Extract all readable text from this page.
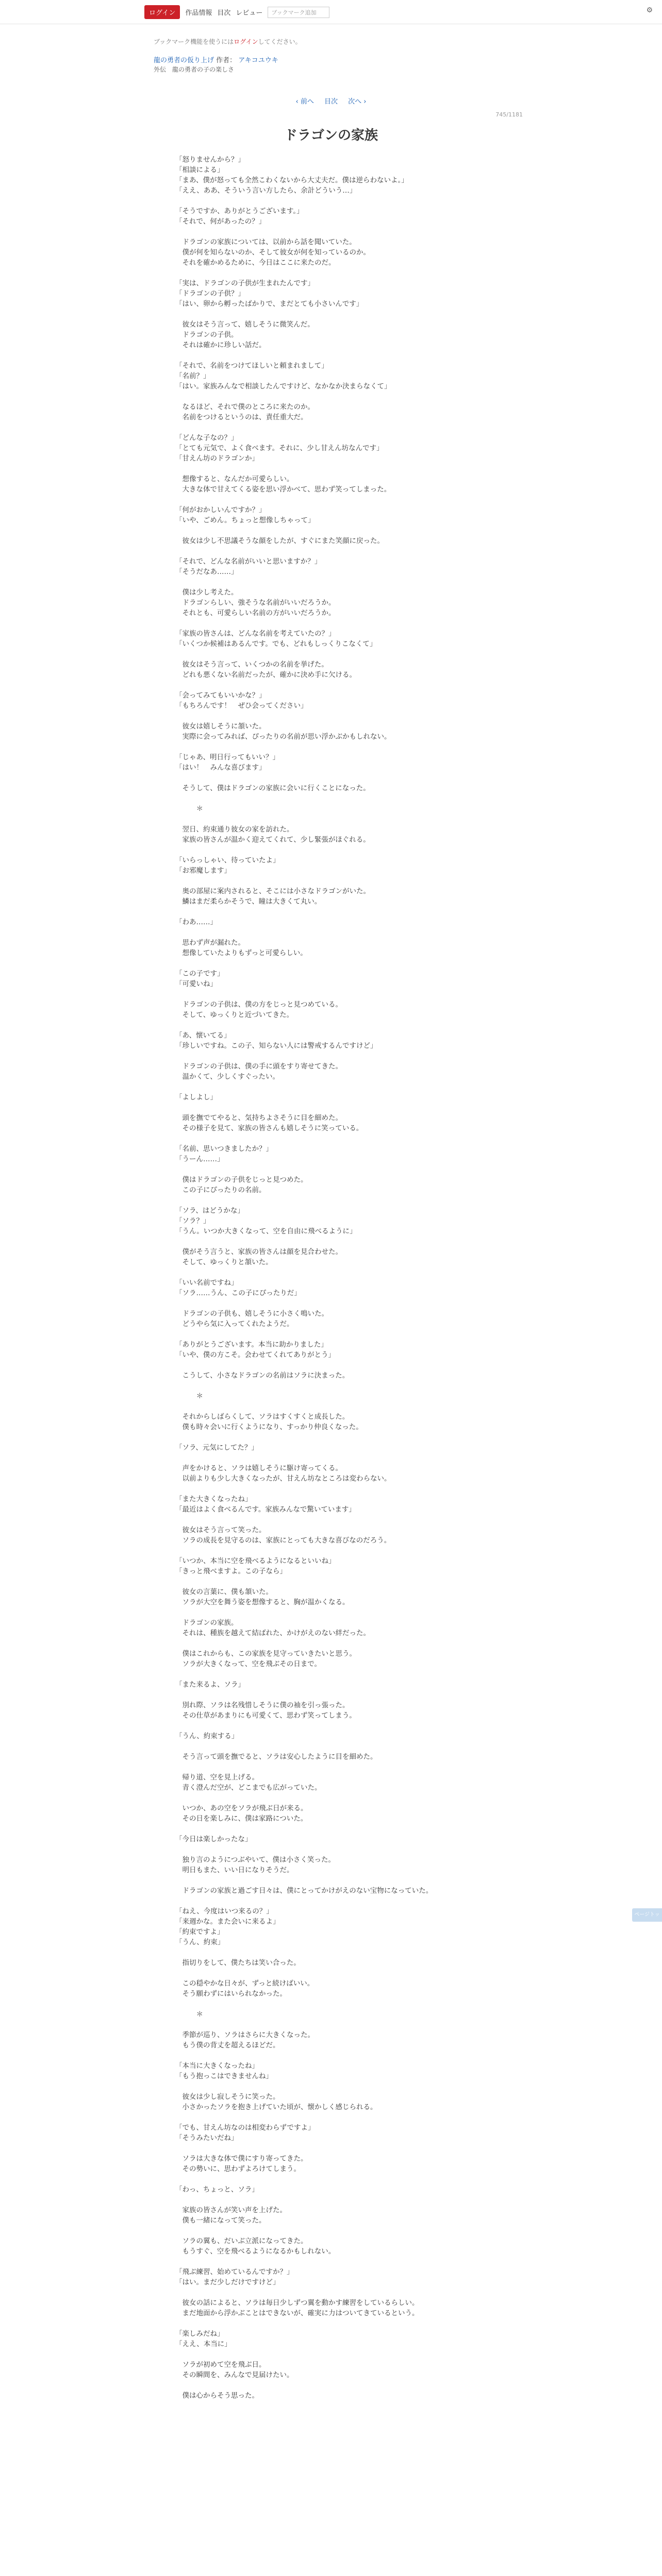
ログイン	作品情報 目次 レビュー	ブックマーク追加	⚙
ブックマーク機能を使うにはログインしてください。
龍の勇者の仮り上げ 作者： アキコユウキ
外伝　龍の勇者の子の楽しさ
‹ 前へ 目次 次へ ›
745/1181
ドラゴンの家族
「怒りませんから？」
「相談による」
「まあ、僕が怒っても全然こわくないから大丈夫だ。僕は逆らわないよ。」
「ええ、ああ、そういう言い方したら、余計どういう…」

「そうですか、ありがとうございます。」
「それで、何があったの？」

　ドラゴンの家族については、以前から話を聞いていた。
　僕が何を知らないのか、そして彼女が何を知っているのか。
　それを確かめるために、今日はここに来たのだ。

「実は、ドラゴンの子供が生まれたんです」
「ドラゴンの子供？」
「はい、卵から孵ったばかりで、まだとても小さいんです」

　彼女はそう言って、嬉しそうに微笑んだ。
　ドラゴンの子供。
　それは確かに珍しい話だ。

「それで、名前をつけてほしいと頼まれまして」
「名前？」
「はい。家族みんなで相談したんですけど、なかなか決まらなくて」

　なるほど、それで僕のところに来たのか。
　名前をつけるというのは、責任重大だ。

「どんな子なの？」
「とても元気で、よく食べます。それに、少し甘えん坊なんです」
「甘えん坊のドラゴンか」

　想像すると、なんだか可愛らしい。
　大きな体で甘えてくる姿を思い浮かべて、思わず笑ってしまった。

「何がおかしいんですか？」
「いや、ごめん。ちょっと想像しちゃって」

　彼女は少し不思議そうな顔をしたが、すぐにまた笑顔に戻った。

「それで、どんな名前がいいと思いますか？」
「そうだなあ……」

　僕は少し考えた。
　ドラゴンらしい、強そうな名前がいいだろうか。
　それとも、可愛らしい名前の方がいいだろうか。

「家族の皆さんは、どんな名前を考えていたの？」
「いくつか候補はあるんです。でも、どれもしっくりこなくて」

　彼女はそう言って、いくつかの名前を挙げた。
　どれも悪くない名前だったが、確かに決め手に欠ける。

「会ってみてもいいかな？」
「もちろんです！　ぜひ会ってください」

　彼女は嬉しそうに頷いた。
　実際に会ってみれば、ぴったりの名前が思い浮かぶかもしれない。

「じゃあ、明日行ってもいい？」
「はい！　みんな喜びます」

　そうして、僕はドラゴンの家族に会いに行くことになった。

　　　＊

　翌日、約束通り彼女の家を訪れた。
　家族の皆さんが温かく迎えてくれて、少し緊張がほぐれる。

「いらっしゃい、待っていたよ」
「お邪魔します」

　奥の部屋に案内されると、そこには小さなドラゴンがいた。
　鱗はまだ柔らかそうで、瞳は大きくて丸い。

「わあ……」

　思わず声が漏れた。
　想像していたよりもずっと可愛らしい。

「この子です」
「可愛いね」

　ドラゴンの子供は、僕の方をじっと見つめている。
　そして、ゆっくりと近づいてきた。

「あ、懐いてる」
「珍しいですね。この子、知らない人には警戒するんですけど」

　ドラゴンの子供は、僕の手に頭をすり寄せてきた。
　温かくて、少しくすぐったい。

「よしよし」

　頭を撫でてやると、気持ちよさそうに目を細めた。
　その様子を見て、家族の皆さんも嬉しそうに笑っている。

「名前、思いつきましたか？」
「うーん……」

　僕はドラゴンの子供をじっと見つめた。
　この子にぴったりの名前。

「ソラ、はどうかな」
「ソラ？」
「うん。いつか大きくなって、空を自由に飛べるように」

　僕がそう言うと、家族の皆さんは顔を見合わせた。
　そして、ゆっくりと頷いた。

「いい名前ですね」
「ソラ……うん、この子にぴったりだ」

　ドラゴンの子供も、嬉しそうに小さく鳴いた。
　どうやら気に入ってくれたようだ。

「ありがとうございます。本当に助かりました」
「いや、僕の方こそ。会わせてくれてありがとう」

　こうして、小さなドラゴンの名前はソラに決まった。

　　　＊

　それからしばらくして、ソラはすくすくと成長した。
　僕も時々会いに行くようになり、すっかり仲良くなった。

「ソラ、元気にしてた？」

　声をかけると、ソラは嬉しそうに駆け寄ってくる。
　以前よりも少し大きくなったが、甘えん坊なところは変わらない。

「また大きくなったね」
「最近はよく食べるんです。家族みんなで驚いています」

　彼女はそう言って笑った。
　ソラの成長を見守るのは、家族にとっても大きな喜びなのだろう。

「いつか、本当に空を飛べるようになるといいね」
「きっと飛べますよ。この子なら」

　彼女の言葉に、僕も頷いた。
　ソラが大空を舞う姿を想像すると、胸が温かくなる。

　ドラゴンの家族。
　それは、種族を越えて結ばれた、かけがえのない絆だった。

　僕はこれからも、この家族を見守っていきたいと思う。
　ソラが大きくなって、空を飛ぶその日まで。

「また来るよ、ソラ」

　別れ際、ソラは名残惜しそうに僕の袖を引っ張った。
　その仕草があまりにも可愛くて、思わず笑ってしまう。

「うん、約束する」

　そう言って頭を撫でると、ソラは安心したように目を細めた。

　帰り道、空を見上げる。
　青く澄んだ空が、どこまでも広がっていた。

　いつか、あの空をソラが飛ぶ日が来る。
　その日を楽しみに、僕は家路についた。

「今日は楽しかったな」

　独り言のようにつぶやいて、僕は小さく笑った。
　明日もまた、いい日になりそうだ。

　ドラゴンの家族と過ごす日々は、僕にとってかけがえのない宝物になっていた。

「ねえ、今度はいつ来るの？」
「来週かな。また会いに来るよ」
「約束ですよ」
「うん、約束」

　指切りをして、僕たちは笑い合った。

　この穏やかな日々が、ずっと続けばいい。
　そう願わずにはいられなかった。

　　　＊

　季節が巡り、ソラはさらに大きくなった。
　もう僕の背丈を超えるほどだ。

「本当に大きくなったね」
「もう抱っこはできませんね」

　彼女は少し寂しそうに笑った。
　小さかったソラを抱き上げていた頃が、懐かしく感じられる。

「でも、甘えん坊なのは相変わらずですよ」
「そうみたいだね」

　ソラは大きな体で僕にすり寄ってきた。
　その勢いに、思わずよろけてしまう。

「わっ、ちょっと、ソラ」

　家族の皆さんが笑い声を上げた。
　僕も一緒になって笑った。

　ソラの翼も、だいぶ立派になってきた。
　もうすぐ、空を飛べるようになるかもしれない。

「飛ぶ練習、始めているんですか？」
「はい。まだ少しだけですけど」

　彼女の話によると、ソラは毎日少しずつ翼を動かす練習をしているらしい。
　まだ地面から浮かぶことはできないが、確実に力はついてきているという。

「楽しみだね」
「ええ、本当に」

　ソラが初めて空を飛ぶ日。
　その瞬間を、みんなで見届けたい。

　僕は心からそう思った。
ページトップへ
